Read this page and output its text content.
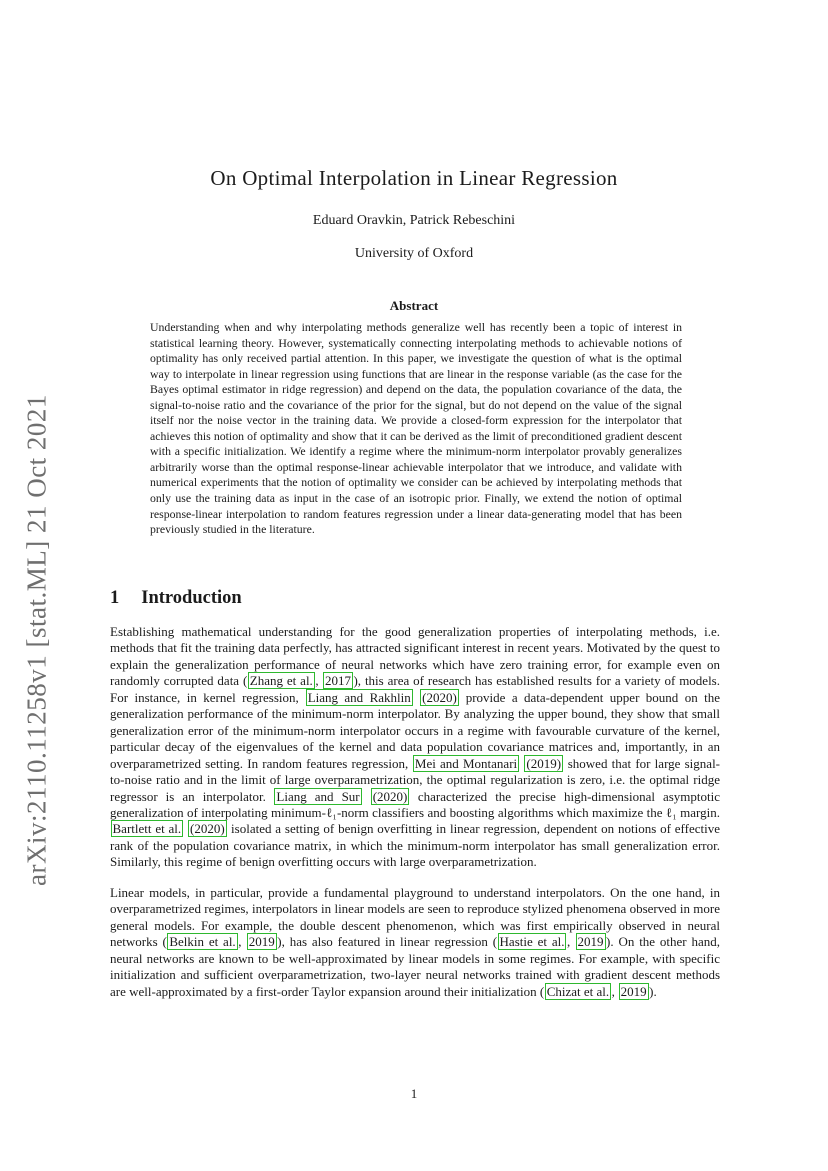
arXiv:2110.11258v1 [stat.ML] 21 Oct 2021
On Optimal Interpolation in Linear Regression
Eduard Oravkin, Patrick Rebeschini
University of Oxford
Abstract
Understanding when and why interpolating methods generalize well has recently been a topic of interest in statistical learning theory. However, systematically connecting interpolating methods to achievable notions of optimality has only received partial attention. In this paper, we investigate the question of what is the optimal way to interpolate in linear regression using functions that are linear in the response variable (as the case for the Bayes optimal estimator in ridge regression) and depend on the data, the population covariance of the data, the signal-to-noise ratio and the covariance of the prior for the signal, but do not depend on the value of the signal itself nor the noise vector in the training data. We provide a closed-form expression for the interpolator that achieves this notion of optimality and show that it can be derived as the limit of preconditioned gradient descent with a specific initialization. We identify a regime where the minimum-norm interpolator provably generalizes arbitrarily worse than the optimal response-linear achievable interpolator that we introduce, and validate with numerical experiments that the notion of optimality we consider can be achieved by interpolating methods that only use the training data as input in the case of an isotropic prior. Finally, we extend the notion of optimal response-linear interpolation to random features regression under a linear data-generating model that has been previously studied in the literature.
1 Introduction

Establishing mathematical understanding for the good generalization properties of interpolating methods, i.e. methods that fit the training data perfectly, has attracted significant interest in recent years. Motivated by the quest to explain the generalization performance of neural networks which have zero training error, for example even on randomly corrupted data ( Zhang et al. , 2017 ), this area of research has established results for a variety of models. For instance, in kernel regression, Liang and Rakhlin (2020) provide a data-dependent upper bound on the generalization performance of the minimum-norm interpolator. By analyzing the upper bound, they show that small generalization error of the minimum-norm interpolator occurs in a regime with favourable curvature of the kernel, particular decay of the eigenvalues of the kernel and data population covariance matrices and, importantly, in an overparametrized setting. In random features regression, Mei and Montanari (2019) showed that for large signal-to-noise ratio and in the limit of large overparametrization, the optimal regularization is zero, i.e. the optimal ridge regressor is an interpolator. Liang and Sur (2020) characterized the precise high-dimensional asymptotic generalization of interpolating minimum-ℓ₁-norm classifiers and boosting algorithms which maximize the ℓ₁ margin. Bartlett et al. (2020) isolated a setting of benign overfitting in linear regression, dependent on notions of effective rank of the population covariance matrix, in which the minimum-norm interpolator has small generalization error. Similarly, this regime of benign overfitting occurs with large overparametrization.

Linear models, in particular, provide a fundamental playground to understand interpolators. On the one hand, in overparametrized regimes, interpolators in linear models are seen to reproduce stylized phenomena observed in more general models. For example, the double descent phenomenon, which was first empirically observed in neural networks ( Belkin et al. , 2019 ), has also featured in linear regression ( Hastie et al. , 2019 ). On the other hand, neural networks are known to be well-approximated by linear models in some regimes. For example, with specific initialization and sufficient overparametrization, two-layer neural networks trained with gradient descent methods are well-approximated by a first-order Taylor expansion around their initialization ( Chizat et al. , 2019 ).

1
